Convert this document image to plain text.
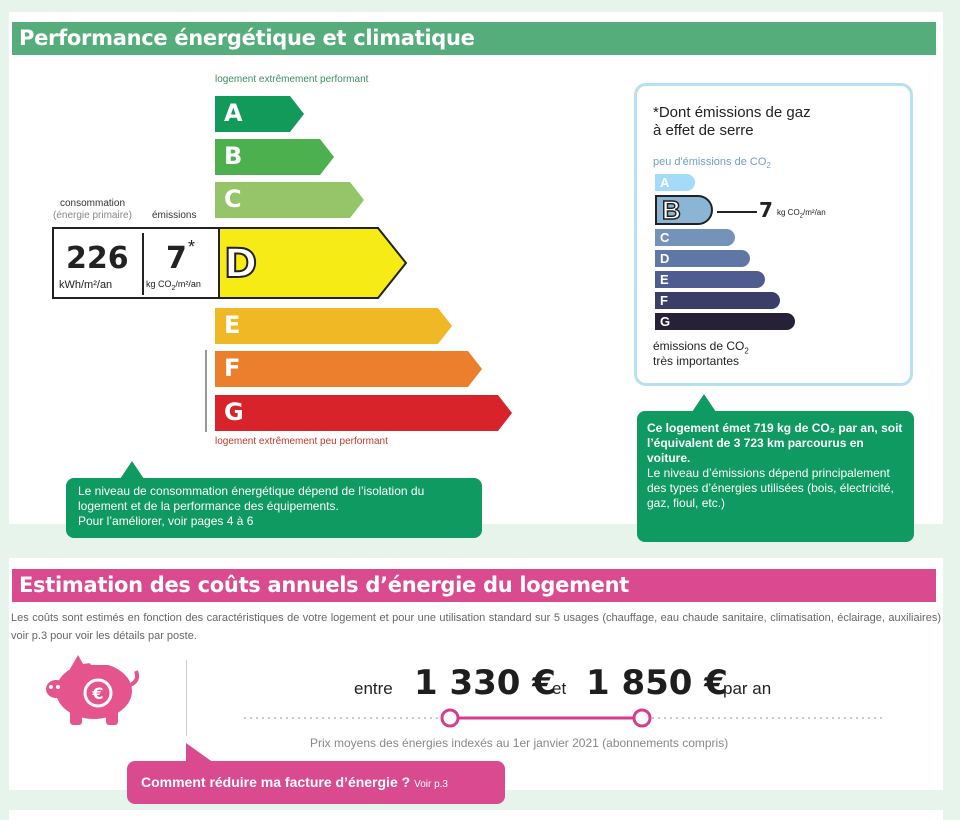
Performance énergétique et climatique
logement extrêmement performant
A
B
C
D
E
F
G
logement extrêmement peu performant
consommation
(énergie primaire) émissions
226
kWh/m²/an
7 *
kg $CO_2/m^2/an$
Le niveau de consommation énergétique dépend de l’isolation du logement et de la performance des équipements.
Pour l’améliorer, voir pages 4 à 6
*Dont émissions de gaz
à effet de serre
peu d'émissions de $CO_2$
A
B
C
D
E
F
G
7 kg $CO_2/m^2/an$
émissions de $CO_2$
très importantes
Ce logement émet 719 kg de CO₂ par an, soit l’équivalent de 3 723 km parcourus en voiture.
Le niveau d’émissions dépend principalement des types d’énergies utilisées (bois, électricité, gaz, fioul, etc.)
Estimation des coûts annuels d’énergie du logement
Les coûts sont estimés en fonction des caractéristiques de votre logement et pour une utilisation standard sur 5 usages (chauffage, eau chaude sanitaire, climatisation, éclairage, auxiliaires) voir p.3 pour voir les détails par poste.
€	entre 1 330 €
et 1 850 €
par an
Prix moyens des énergies indexés au 1er janvier 2021 (abonnements compris)
Comment réduire ma facture d’énergie ? Voir p.3
